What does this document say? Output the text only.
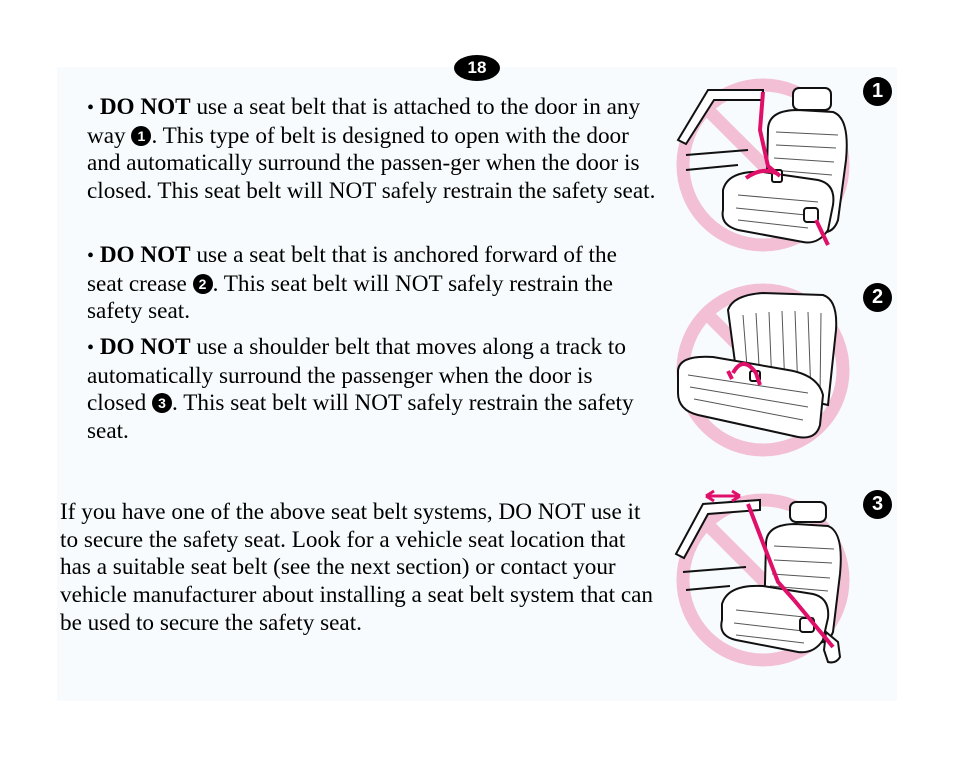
18
• DO NOT use a seat belt that is attached to the door in any way 1 . This type of belt is designed to open with the door and automatically surround the passen-ger when the door is closed. This seat belt will NOT safely restrain the safety seat.
• DO NOT use a seat belt that is anchored forward of the seat crease 2 . This seat belt will NOT safely restrain the safety seat.
• DO NOT use a shoulder belt that moves along a track to automatically surround the passenger when the door is closed 3 . This seat belt will NOT safely restrain the safety seat.
If you have one of the above seat belt systems, DO NOT use it to secure the safety seat. Look for a vehicle seat location that has a suitable seat belt (see the next section) or contact your vehicle manufacturer about installing a seat belt system that can be used to secure the safety seat.
1
2
3
